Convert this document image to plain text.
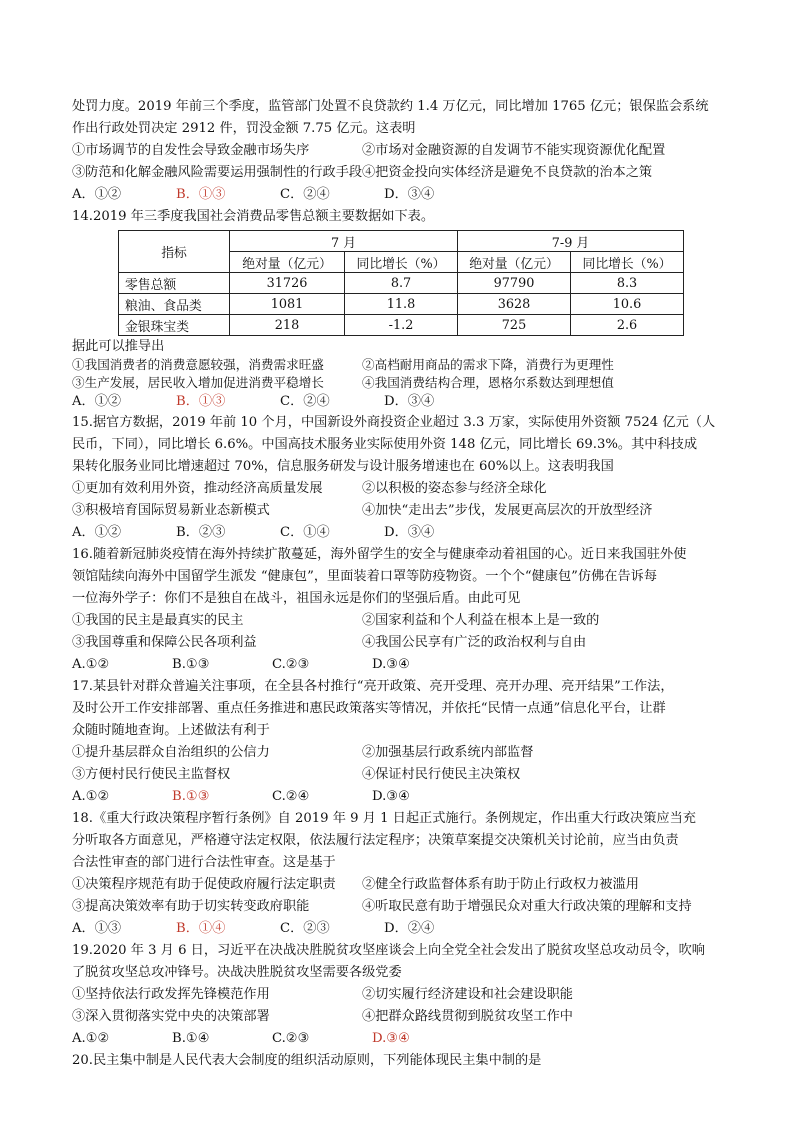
处罚力度。2019 年前三个季度，监管部门处置不良贷款约 1.4 万亿元，同比增加 1765 亿元；银保监会系统
作出行政处罚决定 2912 件，罚没金额 7.75 亿元。这表明
①市场调节的自发性会导致金融市场失序	②市场对金融资源的自发调节不能实现资源优化配置
③防范和化解金融风险需要运用强制性的行政手段 ④把资金投向实体经济是避免不良贷款的治本之策
A．①②	B．①③	C．②④	D．③④
14.2019 年三季度我国社会消费品零售总额主要数据如下表。
指标	7 月		7-9 月	
	绝对量（亿元）	同比增长（%）	绝对量（亿元）	同比增长（%）
零售总额	31726	8.7	97790	8.3
粮油、食品类	1081	11.8	3628	10.6
金银珠宝类	218	-1.2	725	2.6
据此可以推导出
①我国消费者的消费意愿较强，消费需求旺盛	②高档耐用商品的需求下降，消费行为更理性
③生产发展，居民收入增加促进消费平稳增长	④我国消费结构合理，恩格尔系数达到理想值
A．①②	B．①③	C．②④	D．③④
15.据官方数据，2019 年前 10 个月，中国新设外商投资企业超过 3.3 万家，实际使用外资额 7524 亿元（人
民币，下同），同比增长 6.6%。中国高技术服务业实际使用外资 148 亿元，同比增长 69.3%。其中科技成
果转化服务业同比增速超过 70%，信息服务研发与设计服务增速也在 60%以上。这表明我国
①更加有效利用外资，推动经济高质量发展	②以积极的姿态参与经济全球化
③积极培育国际贸易新业态新模式	④加快“走出去”步伐，发展更高层次的开放型经济
A．①②	B．②③	C．①④	D．③④
16.随着新冠肺炎疫情在海外持续扩散蔓延，海外留学生的安全与健康牵动着祖国的心。近日来我国驻外使
领馆陆续向海外中国留学生派发 “健康包”，里面装着口罩等防疫物资。一个个“健康包”仿佛在告诉每
一位海外学子：你们不是独自在战斗，祖国永远是你们的坚强后盾。由此可见
①我国的民主是最真实的民主	②国家利益和个人利益在根本上是一致的
③我国尊重和保障公民各项利益	④我国公民享有广泛的政治权利与自由
A.①②	B.①③	C.②③	D.③④
17.某县针对群众普遍关注事项，在全县各村推行“亮开政策、亮开受理、亮开办理、亮开结果”工作法，
及时公开工作安排部署、重点任务推进和惠民政策落实等情况，并依托“民情一点通”信息化平台，让群
众随时随地查询。上述做法有利于
①提升基层群众自治组织的公信力	②加强基层行政系统内部监督
③方便村民行使民主监督权	④保证村民行使民主决策权
A.①②	B.①③	C.②④	D.③④
18.《重大行政决策程序暂行条例》自 2019 年 9 月 1 日起正式施行。条例规定，作出重大行政决策应当充
分听取各方面意见，严格遵守法定权限，依法履行法定程序；决策草案提交决策机关讨论前，应当由负责
合法性审查的部门进行合法性审查。这是基于
①决策程序规范有助于促使政府履行法定职责	②健全行政监督体系有助于防止行政权力被滥用
③提高决策效率有助于切实转变政府职能	④听取民意有助于增强民众对重大行政决策的理解和支持
A．①③	B．①④	C．②③	D．②④
19.2020 年 3 月 6 日，习近平在决战决胜脱贫攻坚座谈会上向全党全社会发出了脱贫攻坚总攻动员令，吹响
了脱贫攻坚总攻冲锋号。决战决胜脱贫攻坚需要各级党委
①坚持依法行政发挥先锋模范作用	②切实履行经济建设和社会建设职能
③深入贯彻落实党中央的决策部署	④把群众路线贯彻到脱贫攻坚工作中
A.①②	B.①④	C.②③	D.③④
20.民主集中制是人民代表大会制度的组织活动原则，下列能体现民主集中制的是
